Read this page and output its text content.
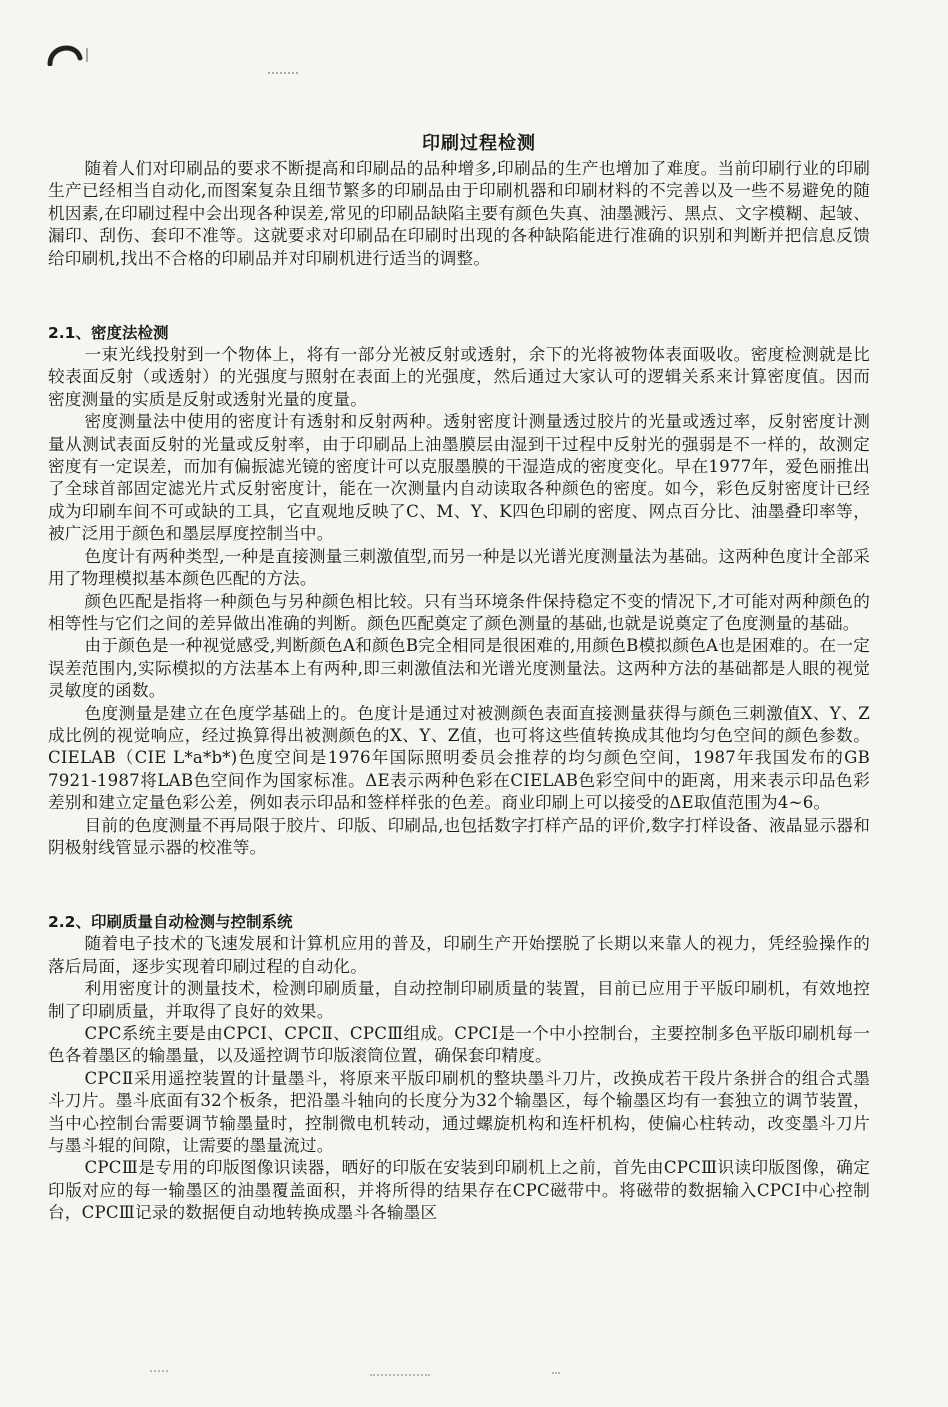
印刷过程检测

随着人们对印刷品的要求不断提高和印刷品的品种增多,印刷品的生产也增加了难度。当前印刷行业的印刷生产已经相当自动化,而图案复杂且细节繁多的印刷品由于印刷机器和印刷材料的不完善以及一些不易避免的随机因素,在印刷过程中会出现各种误差,常见的印刷品缺陷主要有颜色失真、油墨溅污、黑点、文字模糊、起皱、漏印、刮伤、套印不准等。这就要求对印刷品在印刷时出现的各种缺陷能进行准确的识别和判断并把信息反馈给印刷机,找出不合格的印刷品并对印刷机进行适当的调整。

2.1、密度法检测

一束光线投射到一个物体上，将有一部分光被反射或透射，余下的光将被物体表面吸收。密度检测就是比较表面反射（或透射）的光强度与照射在表面上的光强度，然后通过大家认可的逻辑关系来计算密度值。因而密度测量的实质是反射或透射光量的度量。

密度测量法中使用的密度计有透射和反射两种。透射密度计测量透过胶片的光量或透过率，反射密度计测量从测试表面反射的光量或反射率，由于印刷品上油墨膜层由湿到干过程中反射光的强弱是不一样的，故测定密度有一定误差，而加有偏振滤光镜的密度计可以克服墨膜的干湿造成的密度变化。早在1977年，爱色丽推出了全球首部固定滤光片式反射密度计，能在一次测量内自动读取各种颜色的密度。如今，彩色反射密度计已经成为印刷车间不可或缺的工具，它直观地反映了C、M、Y、K四色印刷的密度、网点百分比、油墨叠印率等，被广泛用于颜色和墨层厚度控制当中。

色度计有两种类型,一种是直接测量三刺激值型,而另一种是以光谱光度测量法为基础。这两种色度计全部采用了物理模拟基本颜色匹配的方法。

颜色匹配是指将一种颜色与另种颜色相比较。只有当环境条件保持稳定不变的情况下,才可能对两种颜色的相等性与它们之间的差异做出准确的判断。颜色匹配奠定了颜色测量的基础,也就是说奠定了色度测量的基础。

由于颜色是一种视觉感受,判断颜色A和颜色B完全相同是很困难的,用颜色B模拟颜色A也是困难的。在一定误差范围内,实际模拟的方法基本上有两种,即三刺激值法和光谱光度测量法。这两种方法的基础都是人眼的视觉灵敏度的函数。

色度测量是建立在色度学基础上的。色度计是通过对被测颜色表面直接测量获得与颜色三刺激值X、Y、Z成比例的视觉响应，经过换算得出被测颜色的X、Y、Z值，也可将这些值转换成其他均匀色空间的颜色参数。CIELAB（CIE L*a*b*)色度空间是1976年国际照明委员会推荐的均匀颜色空间，1987年我国发布的GB 7921-1987将LAB色空间作为国家标准。ΔE表示两种色彩在CIELAB色彩空间中的距离，用来表示印品色彩差别和建立定量色彩公差，例如表示印品和签样样张的色差。商业印刷上可以接受的ΔE取值范围为4~6。

目前的色度测量不再局限于胶片、印版、印刷品,也包括数字打样产品的评价,数字打样设备、液晶显示器和阴极射线管显示器的校准等。

2.2、印刷质量自动检测与控制系统

随着电子技术的飞速发展和计算机应用的普及，印刷生产开始摆脱了长期以来靠人的视力，凭经验操作的落后局面，逐步实现着印刷过程的自动化。

利用密度计的测量技术，检测印刷质量，自动控制印刷质量的装置，目前已应用于平版印刷机，有效地控制了印刷质量，并取得了良好的效果。

CPC系统主要是由CPCⅠ、CPCⅡ、CPCⅢ组成。CPCⅠ是一个中小控制台，主要控制多色平版印刷机每一色各着墨区的输墨量，以及遥控调节印版滚筒位置，确保套印精度。

CPCⅡ采用遥控装置的计量墨斗，将原来平版印刷机的整块墨斗刀片，改换成若干段片条拼合的组合式墨斗刀片。墨斗底面有32个板条，把沿墨斗轴向的长度分为32个输墨区，每个输墨区均有一套独立的调节装置，当中心控制台需要调节输墨量时，控制微电机转动，通过螺旋机构和连杆机构，使偏心柱转动，改变墨斗刀片与墨斗辊的间隙，让需要的墨量流过。

CPCⅢ是专用的印版图像识读器，晒好的印版在安装到印刷机上之前，首先由CPCⅢ识读印版图像，确定印版对应的每一输墨区的油墨覆盖面积，并将所得的结果存在CPC磁带中。将磁带的数据输入CPCⅠ中心控制台，CPCⅢ记录的数据便自动地转换成墨斗各输墨区
